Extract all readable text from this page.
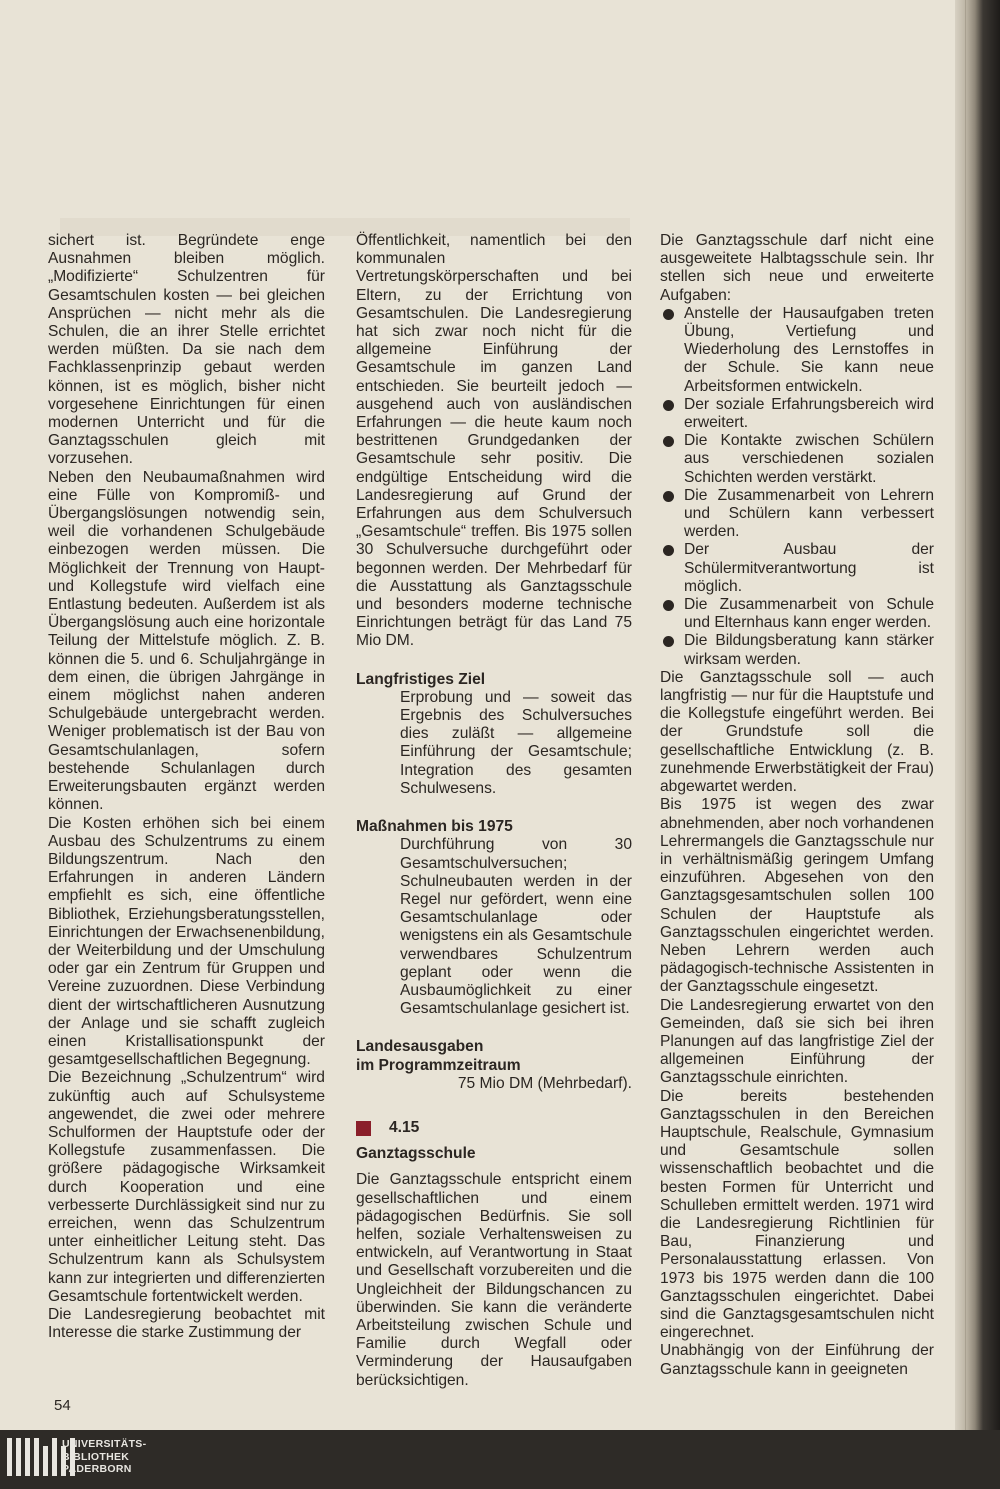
sichert ist. Begründete enge Ausnahmen bleiben möglich. „Modifizierte“ Schulzentren für Gesamtschulen kosten — bei gleichen Ansprüchen — nicht mehr als die Schulen, die an ihrer Stelle errichtet werden müßten. Da sie nach dem Fachklassenprinzip gebaut werden können, ist es möglich, bisher nicht vorgesehene Einrichtungen für einen modernen Unterricht und für die Ganztagsschulen gleich mit vorzusehen.

Neben den Neubaumaßnahmen wird eine Fülle von Kompromiß- und Übergangslösungen notwendig sein, weil die vorhandenen Schulgebäude einbezogen werden müssen. Die Möglichkeit der Trennung von Haupt- und Kollegstufe wird vielfach eine Entlastung bedeuten. Außerdem ist als Übergangslösung auch eine horizontale Teilung der Mittelstufe möglich. Z. B. können die 5. und 6. Schuljahrgänge in dem einen, die übrigen Jahrgänge in einem möglichst nahen anderen Schulgebäude untergebracht werden. Weniger problematisch ist der Bau von Gesamtschulanlagen, sofern bestehende Schulanlagen durch Erweiterungsbauten ergänzt werden können.

Die Kosten erhöhen sich bei einem Ausbau des Schulzentrums zu einem Bildungszentrum. Nach den Erfahrungen in anderen Ländern empfiehlt es sich, eine öffentliche Bibliothek, Erziehungsberatungsstellen, Einrichtungen der Erwachsenenbildung, der Weiterbildung und der Umschulung oder gar ein Zentrum für Gruppen und Vereine zuzuordnen. Diese Verbindung dient der wirtschaftlicheren Ausnutzung der Anlage und sie schafft zugleich einen Kristallisationspunkt der gesamtgesellschaftlichen Begegnung.

Die Bezeichnung „Schulzentrum“ wird zukünftig auch auf Schulsysteme angewendet, die zwei oder mehrere Schulformen der Hauptstufe oder der Kollegstufe zusammenfassen. Die größere pädagogische Wirksamkeit durch Kooperation und eine verbesserte Durchlässigkeit sind nur zu erreichen, wenn das Schulzentrum unter einheitlicher Leitung steht. Das Schulzentrum kann als Schulsystem kann zur integrierten und differenzierten Gesamtschule fortentwickelt werden.

Die Landesregierung beobachtet mit Interesse die starke Zustimmung der

Öffentlichkeit, namentlich bei den kommunalen Vertretungskörperschaften und bei Eltern, zu der Errichtung von Gesamtschulen. Die Landesregierung hat sich zwar noch nicht für die allgemeine Einführung der Gesamtschule im ganzen Land entschieden. Sie beurteilt jedoch — ausgehend auch von ausländischen Erfahrungen — die heute kaum noch bestrittenen Grundgedanken der Gesamtschule sehr positiv. Die endgültige Entscheidung wird die Landesregierung auf Grund der Erfahrungen aus dem Schulversuch „Gesamtschule“ treffen. Bis 1975 sollen 30 Schulversuche durchgeführt oder begonnen werden. Der Mehrbedarf für die Ausstattung als Ganztagsschule und besonders moderne technische Einrichtungen beträgt für das Land 75 Mio DM.

Langfristiges Ziel

Erprobung und — soweit das Ergebnis des Schulversuches dies zuläßt — allgemeine Einführung der Gesamtschule; Integration des gesamten Schulwesens.

Maßnahmen bis 1975

Durchführung von 30 Gesamtschulversuchen; Schulneubauten werden in der Regel nur gefördert, wenn eine Gesamtschulanlage oder wenigstens ein als Gesamtschule verwendbares Schulzentrum geplant oder wenn die Ausbaumöglichkeit zu einer Gesamtschulanlage gesichert ist.

Landesausgaben

im Programmzeitraum

75 Mio DM (Mehrbedarf).

4.15

Ganztagsschule

Die Ganztagsschule entspricht einem gesellschaftlichen und einem pädagogischen Bedürfnis. Sie soll helfen, soziale Verhaltensweisen zu entwickeln, auf Verantwortung in Staat und Gesellschaft vorzubereiten und die Ungleichheit der Bildungschancen zu überwinden. Sie kann die veränderte Arbeitsteilung zwischen Schule und Familie durch Wegfall oder Verminderung der Hausaufgaben berücksichtigen.

Die Ganztagsschule darf nicht eine ausgeweitete Halbtagsschule sein. Ihr stellen sich neue und erweiterte Aufgaben:

Anstelle der Hausaufgaben treten Übung, Vertiefung und Wiederholung des Lernstoffes in der Schule. Sie kann neue Arbeitsformen entwickeln.
Der soziale Erfahrungsbereich wird erweitert.
Die Kontakte zwischen Schülern aus verschiedenen sozialen Schichten werden verstärkt.
Die Zusammenarbeit von Lehrern und Schülern kann verbessert werden.
Der Ausbau der Schülermitverantwortung ist möglich.
Die Zusammenarbeit von Schule und Elternhaus kann enger werden.
Die Bildungsberatung kann stärker wirksam werden.

Die Ganztagsschule soll — auch langfristig — nur für die Hauptstufe und die Kollegstufe eingeführt werden. Bei der Grundstufe soll die gesellschaftliche Entwicklung (z. B. zunehmende Erwerbstätigkeit der Frau) abgewartet werden.

Bis 1975 ist wegen des zwar abnehmenden, aber noch vorhandenen Lehrermangels die Ganztagsschule nur in verhältnismäßig geringem Umfang einzuführen. Abgesehen von den Ganztagsgesamtschulen sollen 100 Schulen der Hauptstufe als Ganztagsschulen eingerichtet werden. Neben Lehrern werden auch pädagogisch-technische Assistenten in der Ganztagsschule eingesetzt.

Die Landesregierung erwartet von den Gemeinden, daß sie sich bei ihren Planungen auf das langfristige Ziel der allgemeinen Einführung der Ganztagsschule einrichten.

Die bereits bestehenden Ganztagsschulen in den Bereichen Hauptschule, Realschule, Gymnasium und Gesamtschule sollen wissenschaftlich beobachtet und die besten Formen für Unterricht und Schulleben ermittelt werden. 1971 wird die Landesregierung Richtlinien für Bau, Finanzierung und Personalausstattung erlassen. Von 1973 bis 1975 werden dann die 100 Ganztagsschulen eingerichtet. Dabei sind die Ganztagsgesamtschulen nicht eingerechnet.

Unabhängig von der Einführung der Ganztagsschule kann in geeigneten

54
UNIVERSITÄTS-
BIBLIOTHEK
PADERBORN
